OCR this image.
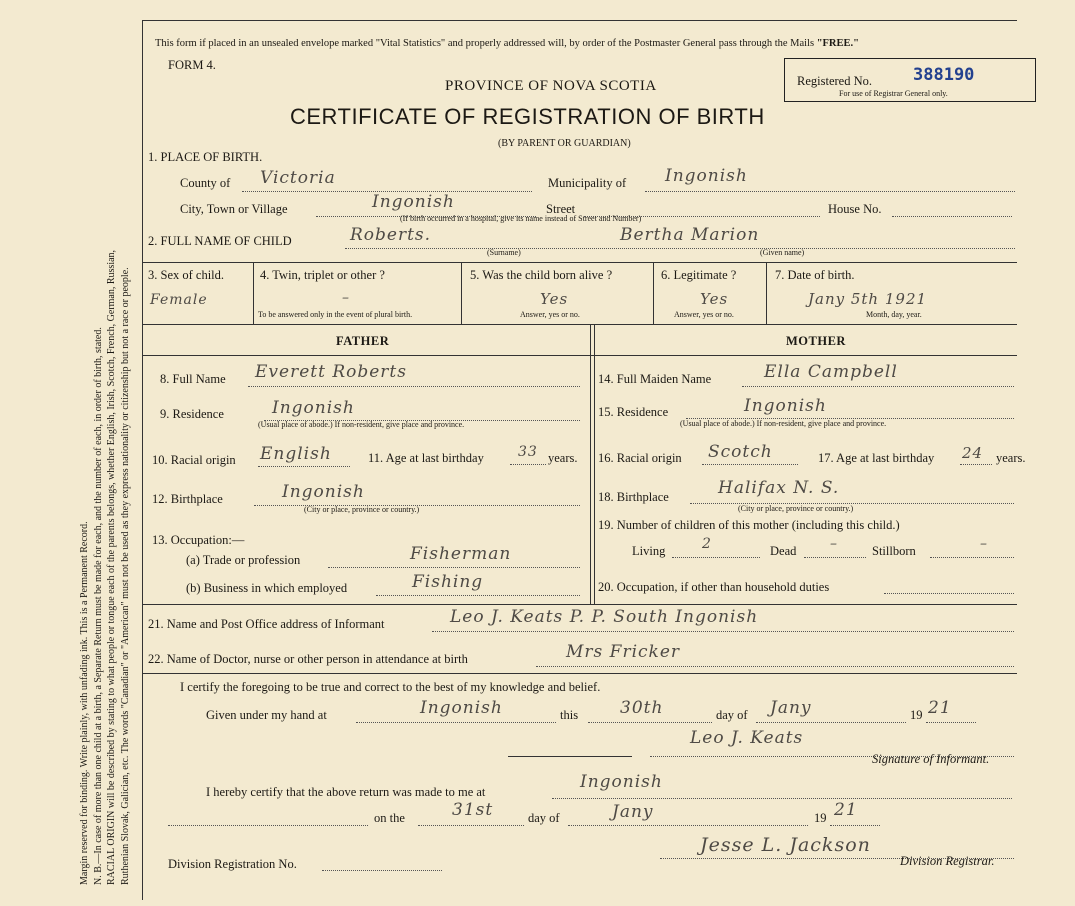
Margin reserved for binding. Write plainly, with unfading ink. This is a Permanent Record. N. B.—In case of more than one child at a birth, a Separate Return must be made for each, and the number of each, in order of birth, stated. RACIAL ORIGIN will be described by stating to what people or tongue each of the parents belongs, whether English, Irish, Scotch, French, German, Russian, Ruthenian Slovak, Galician, etc. The words "Canadian" or "American" must not be used as they express nationality or citizenship but not a race or people.
This form if placed in an unsealed envelope marked "Vital Statistics" and properly addressed will, by order of the Postmaster General pass through the Mails "FREE."
FORM 4.
PROVINCE OF NOVA SCOTIA
CERTIFICATE OF REGISTRATION OF BIRTH
(BY PARENT OR GUARDIAN)
Registered No. 388190
For use of Registrar General only.
1. PLACE OF BIRTH.
County of Victoria	Municipality of Ingonish
City, Town or Village	Ingonish	Street
(If birth occurred in a hospital, give its name instead of Street and Number)
House No.
2. FULL NAME OF CHILD	Roberts.
(Surname)
Bertha Marion
(Given name)
3. Sex of child.
Female
4. Twin, triplet or other ?
–
To be answered only in the event of plural birth.
5. Was the child born alive ?
Yes
Answer, yes or no.
6. Legitimate ?
Yes
Answer, yes or no.
7. Date of birth.
Jany 5th 1921
Month, day, year.
FATHER	MOTHER
8. Full Name Everett Roberts
9. Residence	Ingonish
(Usual place of abode.) If non-resident, give place and province.
10. Racial origin English	11. Age at last birthday 33 years.
12. Birthplace	Ingonish
(City or place, province or country.)
13. Occupation:—
(a) Trade or profession	Fisherman
(b) Business in which employed	Fishing
14. Full Maiden Name	Ella Campbell
15. Residence	Ingonish
(Usual place of abode.) If non-resident, give place and province.
16. Racial origin Scotch	17. Age at last birthday 24 years.
18. Birthplace	Halifax N. S.
(City or place, province or country.)
19. Number of children of this mother (including this child.)
Living	2	Dead –	Stillborn	–
20. Occupation, if other than household duties
21. Name and Post Office address of Informant	Leo J. Keats P. P. South Ingonish
22. Name of Doctor, nurse or other person in attendance at birth	Mrs Fricker
I certify the foregoing to be true and correct to the best of my knowledge and belief.
Given under my hand at	Ingonish	this 30th	day of Jany	19 21
Leo J. Keats
Signature of Informant.
I hereby certify that the above return was made to me at	Ingonish
on the	31st	day of	Jany	19 21
Jesse L. Jackson
Division Registrar.
Division Registration No.
